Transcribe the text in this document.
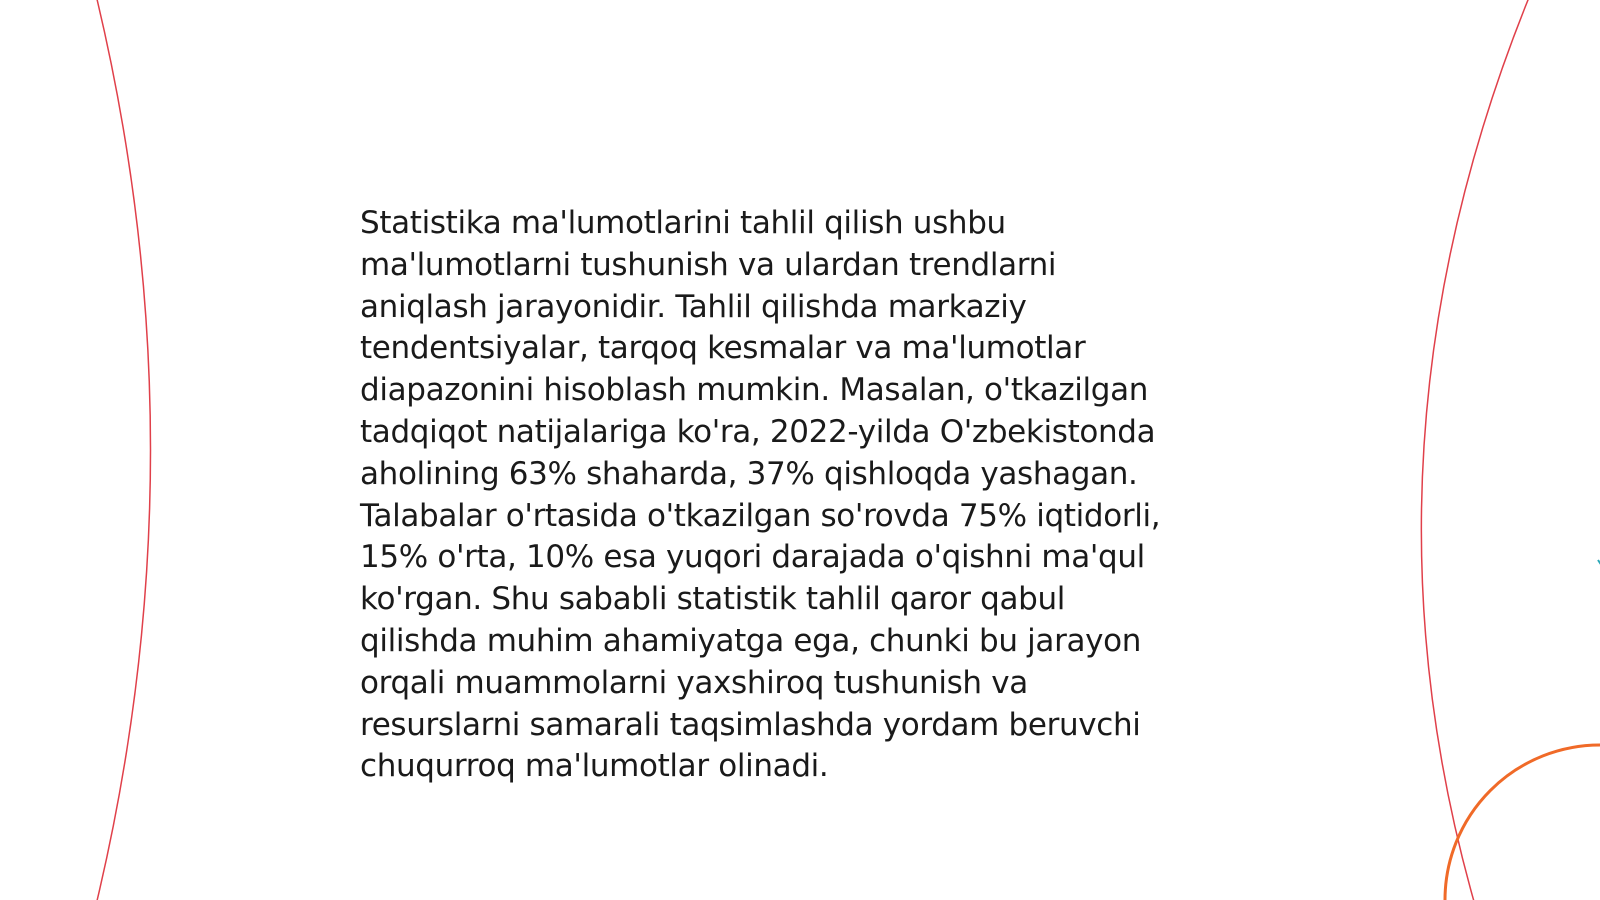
Statistika ma'lumotlarini tahlil qilish ushbu
ma'lumotlarni tushunish va ulardan trendlarni
aniqlash jarayonidir. Tahlil qilishda markaziy
tendentsiyalar, tarqoq kesmalar va ma'lumotlar
diapazonini hisoblash mumkin. Masalan, o'tkazilgan
tadqiqot natijalariga ko'ra, 2022-yilda O'zbekistonda
aholining 63% shaharda, 37% qishloqda yashagan.
Talabalar o'rtasida o'tkazilgan so'rovda 75% iqtidorli,
15% o'rta, 10% esa yuqori darajada o'qishni ma'qul
ko'rgan. Shu sababli statistik tahlil qaror qabul
qilishda muhim ahamiyatga ega, chunki bu jarayon
orqali muammolarni yaxshiroq tushunish va
resurslarni samarali taqsimlashda yordam beruvchi
chuqurroq ma'lumotlar olinadi.
